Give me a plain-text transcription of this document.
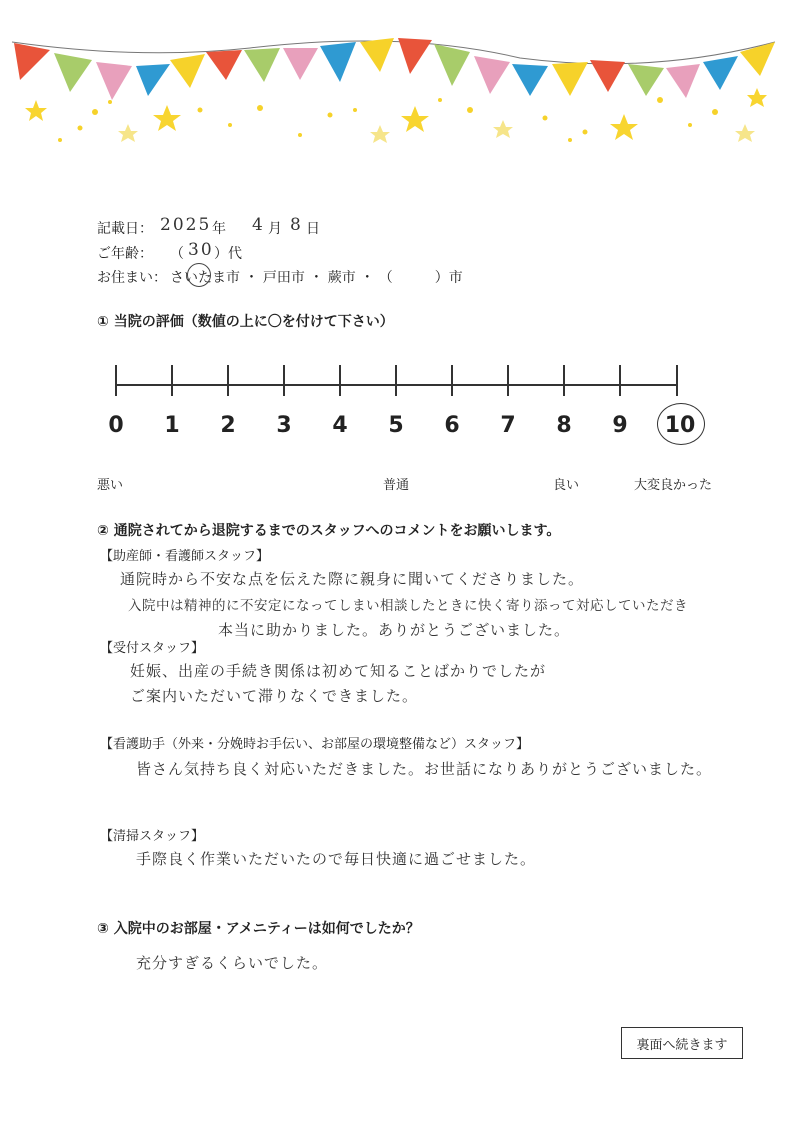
記載日： 2025 年 4 月 8 日
ご年齢： （ 30 ）代
お住まい： さいたま市 ・ 戸田市 ・ 蕨市 ・ （　　　）市
① 当院の評価（数値の上に〇を付けて下さい）
0	1	2	3	4	5	6	7	8	9	10
悪い	普通	良い	大変良かった
② 通院されてから退院するまでのスタッフへのコメントをお願いします。
【助産師・看護師スタッフ】
通院時から不安な点を伝えた際に親身に聞いてくださりました。
入院中は精神的に不安定になってしまい相談したときに快く寄り添って対応していただき
本当に助かりました。ありがとうございました。
【受付スタッフ】
妊娠、出産の手続き関係は初めて知ることばかりでしたが
ご案内いただいて滞りなくできました。
【看護助手（外来・分娩時お手伝い、お部屋の環境整備など）スタッフ】
皆さん気持ち良く対応いただきました。お世話になりありがとうございました。
【清掃スタッフ】
手際良く作業いただいたので毎日快適に過ごせました。
③ 入院中のお部屋・アメニティーは如何でしたか？
充分すぎるくらいでした。
裏面へ続きます
